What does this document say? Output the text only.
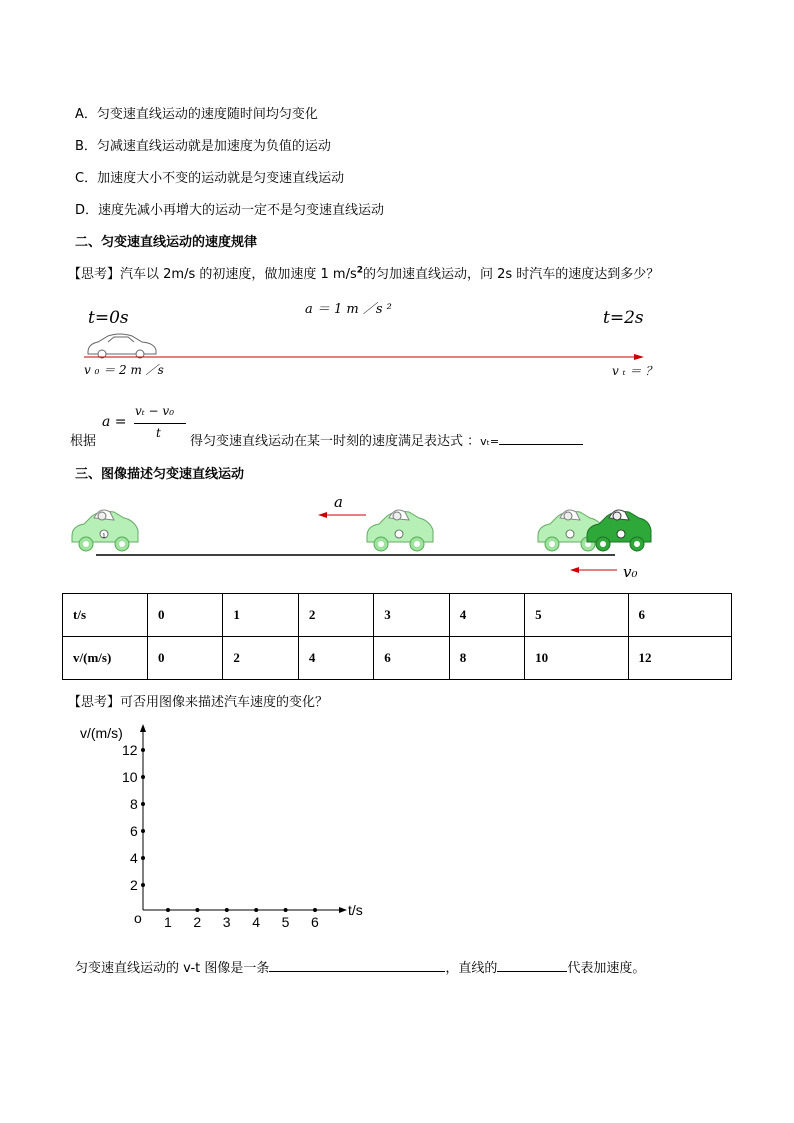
A．匀变速直线运动的速度随时间均匀变化
B．匀减速直线运动就是加速度为负值的运动
C．加速度大小不变的运动就是匀变速直线运动
D．速度先减小再增大的运动一定不是匀变速直线运动
二、匀变速直线运动的速度规律
【思考】汽车以 2m/s 的初速度，做加速度 1 $m/s^2$的匀加速直线运动，问 2s 时汽车的速度达到多少？
a ＝ 1 m ／s ²
t=0s	t=2s
v ₀ ＝ 2 m ／s	v ₜ ＝ ？
a =
vₜ − v₀
t
根据	得匀变速直线运动在某一时刻的速度满足表达式 ：vₜ=
三、图像描述匀变速直线运动
1
a
v₀
t/s	0	1	2	3	4	5	6
v/(m/s)	0	2	4	6	8	10	12
【思考】可否用图像来描述汽车速度的变化？
v/(m/s)
t/s
o 1 2 3 4 5 6
2
4
6
8
10
12
匀变速直线运动的 v-t 图像是一条	，直线的	代表加速度。
